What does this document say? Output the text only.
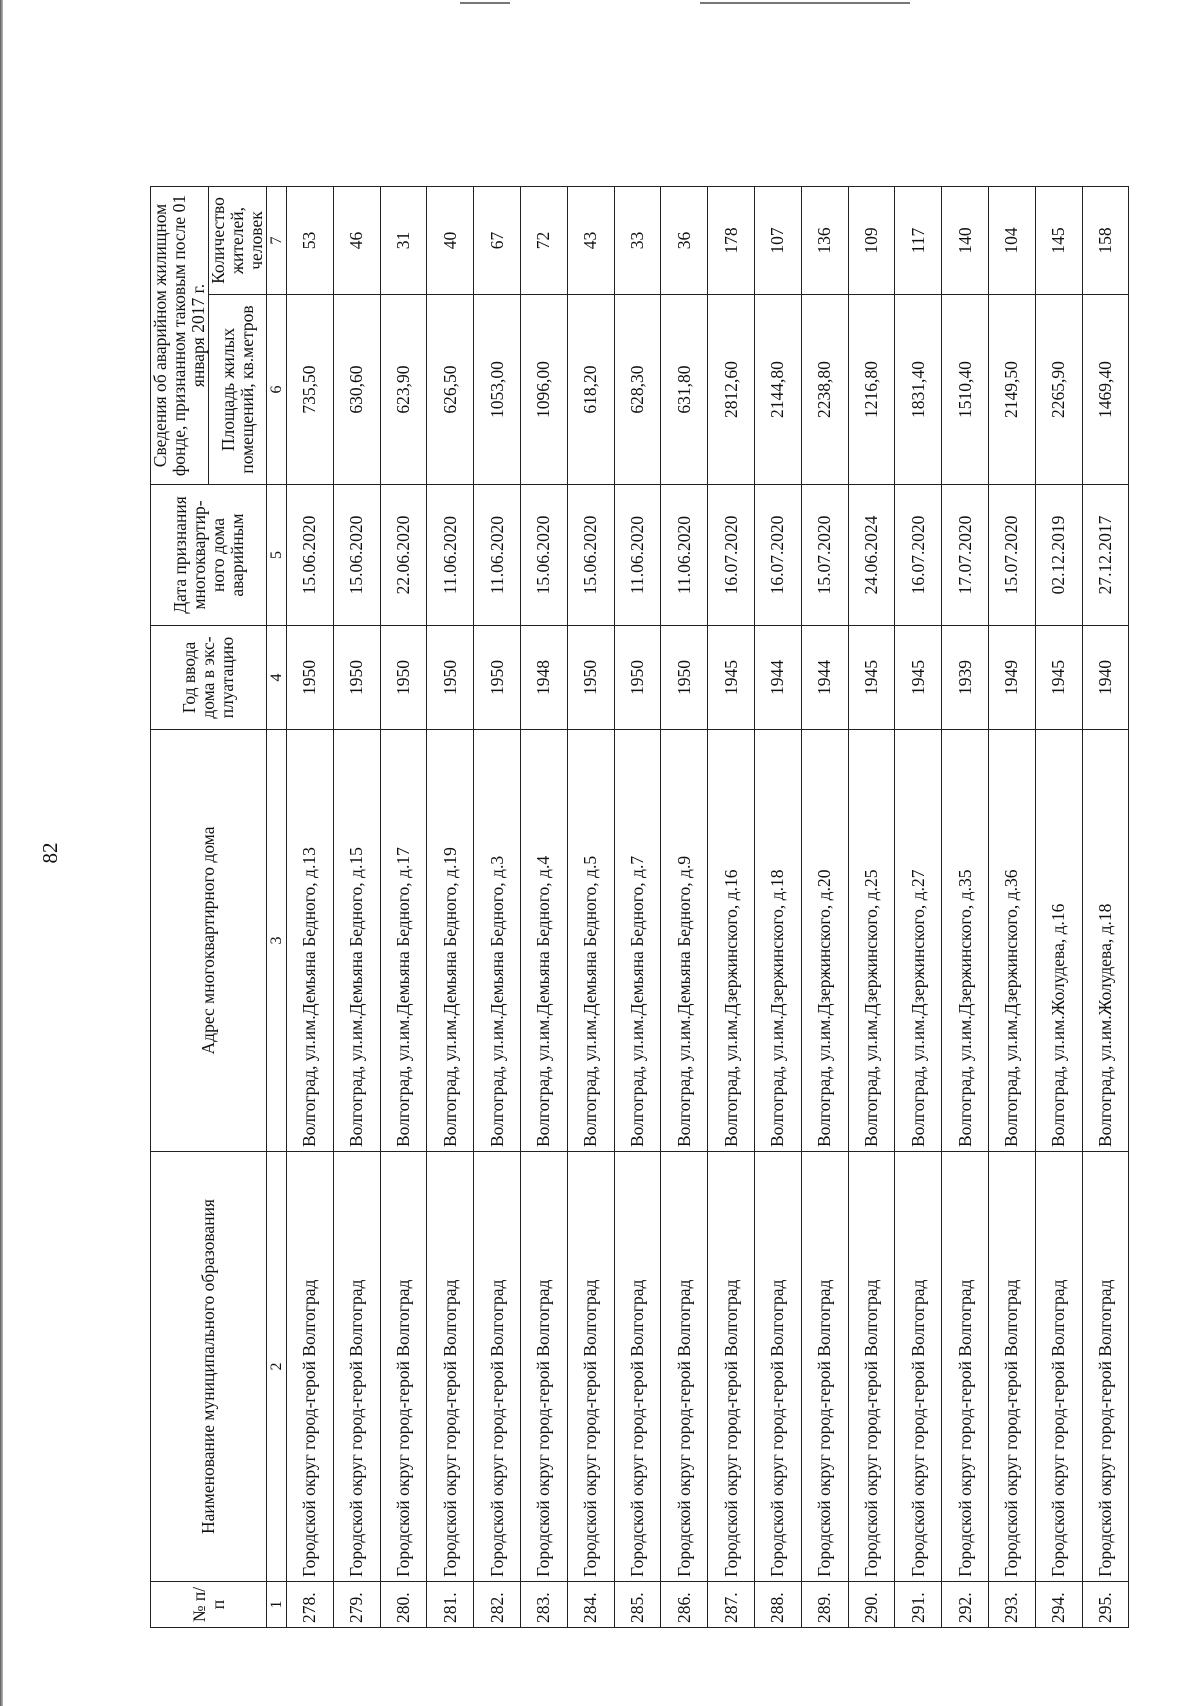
82
№ п/п	Наименование муниципального образования	Адрес многоквартирного дома	Год ввода дома в экс-плуатацию	Дата признания многоквартир-ного дома аварийным	Сведения об аварийном жилищном фонде, признанном таковым после 01 января 2017 г.	
					Площадь жилых помещений, кв.метров	Количество жителей, человек
1	2	3	4	5	6	7
278.	Городской округ город-герой Волгоград	Волгоград, ул.им.Демьяна Бедного, д.13	1950	15.06.2020	735,50	53
279.	Городской округ город-герой Волгоград	Волгоград, ул.им.Демьяна Бедного, д.15	1950	15.06.2020	630,60	46
280.	Городской округ город-герой Волгоград	Волгоград, ул.им.Демьяна Бедного, д.17	1950	22.06.2020	623,90	31
281.	Городской округ город-герой Волгоград	Волгоград, ул.им.Демьяна Бедного, д.19	1950	11.06.2020	626,50	40
282.	Городской округ город-герой Волгоград	Волгоград, ул.им.Демьяна Бедного, д.3	1950	11.06.2020	1053,00	67
283.	Городской округ город-герой Волгоград	Волгоград, ул.им.Демьяна Бедного, д.4	1948	15.06.2020	1096,00	72
284.	Городской округ город-герой Волгоград	Волгоград, ул.им.Демьяна Бедного, д.5	1950	15.06.2020	618,20	43
285.	Городской округ город-герой Волгоград	Волгоград, ул.им.Демьяна Бедного, д.7	1950	11.06.2020	628,30	33
286.	Городской округ город-герой Волгоград	Волгоград, ул.им.Демьяна Бедного, д.9	1950	11.06.2020	631,80	36
287.	Городской округ город-герой Волгоград	Волгоград, ул.им.Дзержинского, д.16	1945	16.07.2020	2812,60	178
288.	Городской округ город-герой Волгоград	Волгоград, ул.им.Дзержинского, д.18	1944	16.07.2020	2144,80	107
289.	Городской округ город-герой Волгоград	Волгоград, ул.им.Дзержинского, д.20	1944	15.07.2020	2238,80	136
290.	Городской округ город-герой Волгоград	Волгоград, ул.им.Дзержинского, д.25	1945	24.06.2024	1216,80	109
291.	Городской округ город-герой Волгоград	Волгоград, ул.им.Дзержинского, д.27	1945	16.07.2020	1831,40	117
292.	Городской округ город-герой Волгоград	Волгоград, ул.им.Дзержинского, д.35	1939	17.07.2020	1510,40	140
293.	Городской округ город-герой Волгоград	Волгоград, ул.им.Дзержинского, д.36	1949	15.07.2020	2149,50	104
294.	Городской округ город-герой Волгоград	Волгоград, ул.им.Жолудева, д.16	1945	02.12.2019	2265,90	145
295.	Городской округ город-герой Волгоград	Волгоград, ул.им.Жолудева, д.18	1940	27.12.2017	1469,40	158
